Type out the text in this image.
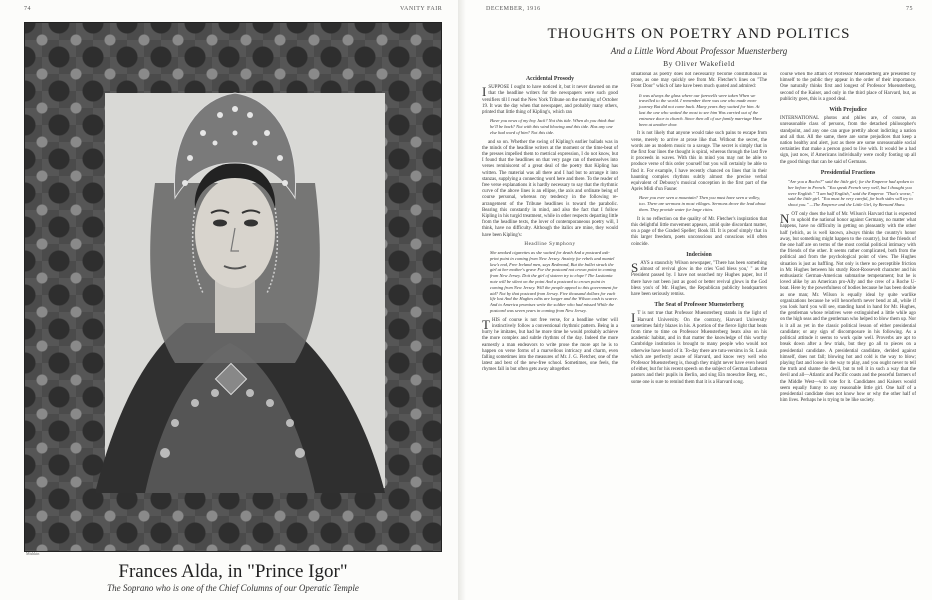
74	VANITY FAIR
Mishkin
Frances Alda, in "Prince Igor"
The Soprano who is one of the Chief Columns of our Operatic Temple
DECEMBER, 1916	75
THOUGHTS ON POETRY AND POLITICS
And a Little Word About Professor Muensterberg
By Oliver Wakefield
Accidental Prosody

ISUPPOSE I ought to have noticed it, but it never dawned on me that the headline writers for the newspapers were such good versifiers till I read the New York Tribune on the morning of October 19. It was the day when that newspaper, and probably many others, printed that little thing of Kipling's, which ran

Have you news of my boy Jack? Not this tide. When do you think that he'll be back? Not with this wind blowing and this tide. Has any one else had word of him? Not this tide.

and so on. Whether the swing of Kipling's earlier ballads was in the minds of the headline writers at the moment or the time-beat of the presses impelled them to metrical expression, I do not know, but I found that the headlines on that very page ran of themselves into verses reminiscent of a great deal of the poetry that Kipling has written. The material was all there and I had but to arrange it into stanzas, supplying a connecting word here and there. To the reader of free verse explanations it is hardly necessary to say that the rhythmic curve of the above lines is an ellipse, the axis and ordinate being of course personal, whereas my tendency in the following re-arrangement of the Tribune headlines is toward the parabolic. Bearing this constantly in mind, and also the fact that I follow Kipling in his turgid treatment, while in other respects departing little from the headline texts, the lover of contemporaneous poetry will, I think, have no difficulty. Although the italics are mine, they would have been Kipling's:

Headline Symphony

She smoked cigarettes as she waited for death And a postcard ask-print point in coming from New Jersey. Anxiety for rebels and mantel law's end, Free Ireland men, says Redmond, But the bullet struck the girl at her mother's grave For the postcard not crown point in coming from New Jersey. Doit the girl of sixteen try to elope? The Lusitania note will be silent on the point And a postcard to crown point in coming from New Jersey. Will the people appeal to this government for aid? Not by that postcard from Jersey. Five thousand dollars for each life lost And the Hughes edits are longer and the Wilson cash is scarce. And to America promises write the soldier who had missed While the postcard was seven years in coming from New Jersey.

THIS of course is not free verse, for a headline writer will instinctively follow a conventional rhythmic pattern. Being in a hurry he imitates, but had he more time he would probably achieve the more complex and subtle rhythms of the day. Indeed the more earnestly a man endeavors to write prose the more apt he is to happen on verse forms of a marvellous intricacy and charm, even falling sometimes into the measures of Mr. J. G. Fletcher, one of the latest and best of the new-free school. Sometimes, one feels, the rhymes fall in but often gets away altogether.

situational as poetry does not necessarily become constitutional as prose, as one may quickly see from Mr. Fletcher's lines on "The Front Door" which of late have been much quoted and admired:

It was always the glass where our farewells were taken When we travelled to the world. I remember there was one who made more journey But did not come back. Many years they waited for him. At last the one who waited the most to see him Was carried out of the entrance door to church. Since then all of our family marriage Have been at another door.

It is not likely that anyone would take such pains to escape from verse, merely to arrive at prose like that. Without the secret, the words are as modern music to a savage. The secret is simply that in the first four lines the thought is spiral, whereas through the last five it proceeds in waves. With this in mind you may not be able to produce verse of this order yourself but you will certainly be able to find it. For example, I have recently chanced on lines that in their haunting complex rhythms subtly almost the precise verbal equivalent of Debussy's musical conception in the first part of the Après Midi d'un Faune:

Have you ever seen a mountain? Then you must have seen a valley, too. There are sermons in most villages. Sermons drove the lead about them. They provide water for large cities.

It is no reflection on the quality of Mr. Fletcher's inspiration that this delightful little movement appears, amid quite discordant matter, on a page of the Graded Speller; Book III. It is proof simply that in this larger freedom, poets unconscious and conscious will often coincide.

Indecision

SAYS a staunchly Wilson newspaper, "There has been something almost of revival glow in the cries 'God bless you,' " as the President passed by. I have not searched my Hughes paper, but if there have not been just as good or better revival glows in the God bless you's of Mr. Hughes, the Republican publicity headquarters have been seriously remiss.

The Seat of Professor Muensterberg

I T is not true that Professor Muensterberg stands in the light of Harvard University. On the contrary, Harvard University sometimes fairly blazes in his. A portion of the fierce light that beats from time to time on Professor Muensterberg beats also on his academic habitat, and in that matter the knowledge of this worthy Cambridge institution is brought to many people who would not otherwise have heard of it. To-day there are tutu-versims in St. Louis which are perfectly aware of Harvard, and know very well who Professor Muensterberg is, though they might never have even heard of either, but for his recent speech on the subject of German Lutheran pastors and their pupils in Berlin, and sing Ein moeschte Berg, etc., some one is sure to remind them that it is a Harvard song.

course when the affairs of Professor Muensterberg are presented by himself to the public they appear in the order of their importance. One naturally thinks first and longest of Professor Muensterberg, second of the Kaiser, and only in the third place of Harvard, but, as publicity goes, this is a good deal.

With Prejudice

INTERNATIONAL photos and philes are, of course, an unreasonable class of persons, from the detached philosopher's standpoint, and any one can argue prettily about indicting a nation and all that. All the same, there are some prejudices that keep a nation healthy and alert, just as there are some unreasonable social certainties that make a person good to live with. It would be a bad sign, just now, if Americans individually were coolly footing up all the good things that can be said of Germans.

Presidential Fractions

"Are you a Bocho?" said the little girl; for the Emperor had spoken to her before in French. "You speak French very well, but I thought you were English." "I am half English," said the Emperor. "That's worse," said the little girl. "You must be very careful, for both sides will try to shoot you." —The Emperor and the Little Girl, by Bernard Shaw.

NOT only does the half of Mr. Wilson's Harvard that is expected to uphold the national honor against Germany, no matter what happens, have no difficulty in getting on pleasantly with the other half (which, as is well known, always thinks the country's honor away, but something might happen to the country), but the friends of the one half are on terms of the most cordial political intimacy with the friends of the other. It seems rather complicated, both from the political and from the psychological point of view. The Hughes situation is just as baffling. Not only is there no perceptible friction in Mr. Hughes between his sturdy Root-Roosevelt character and his enthusiastic German-American submarine temperament; but he is loved alike by an American pro-Ally and the crew of a Roche U-boat. Here by the powerfulness of bodies because he has been double as one man; Mr. Wilson is equally ideal by quite warlike organizations because he will henceforth never bend at all, while if you look hard you will see, standing hand in hand for Mr. Hughes, the gentleman whose relatives were extinguished a little while ago on the high seas and the gentleman who helped to blow them up. Nor is it all as yet in the classic political lesson of either presidential candidate; or any sign of discomposure in his following. As a political attitude it seems to work quite well. Proverbs are apt to break down after a few trials, but they go all to pieces on a presidential candidate. A presidential candidate, derided against himself, does not fall; blowing hot and cold is the way to blow; playing fast and loose is the way to play, and you ought never to tell the truth and shame the devil, but to tell it in such a way that the devil and all—Atlantic and Pacific coasts and the peaceful farmers of the Middle West—will vote for it. Candidates and Kaisers would seem equally funny to any reasonable little girl. One half of a presidential candidate does not know how or why the other half of him lives. Perhaps he is trying to be like society.
